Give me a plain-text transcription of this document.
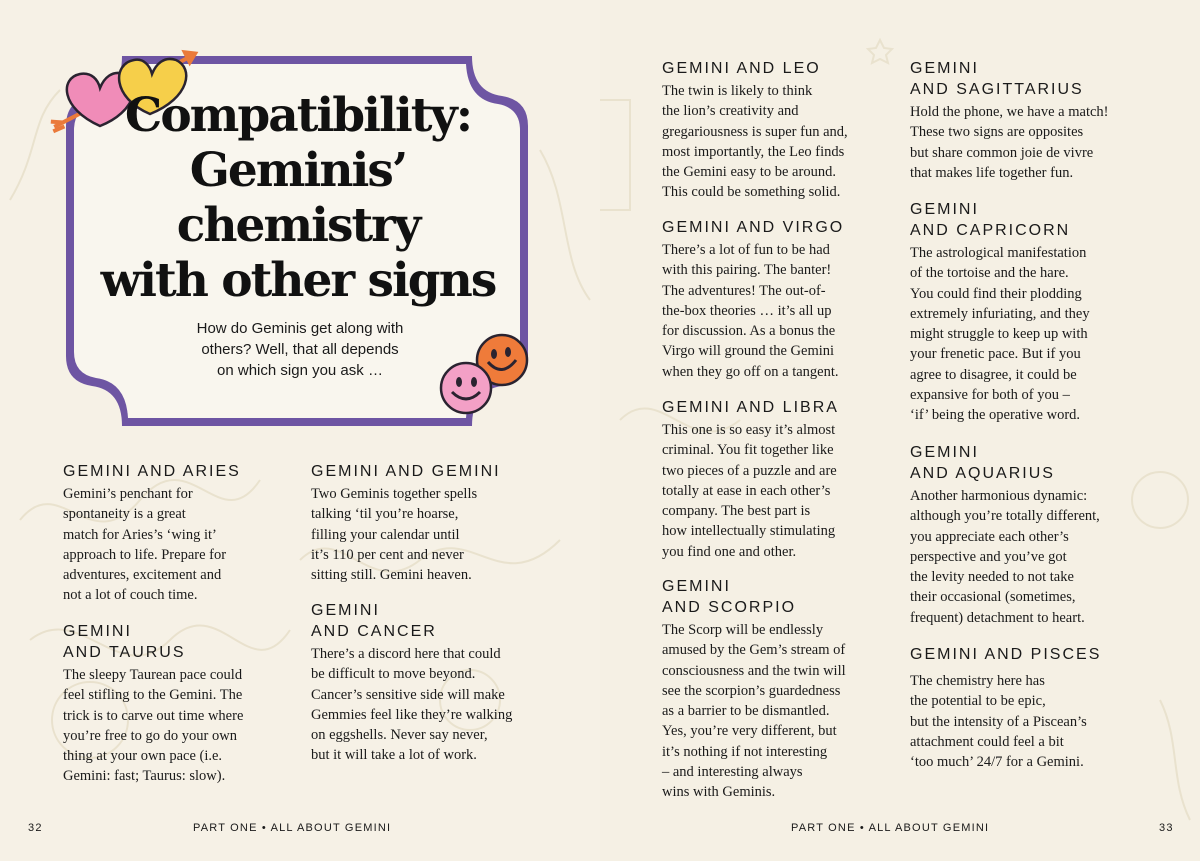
Compatibility:
Geminis’ chemistry
with other signs

How do Geminis get along with
others? Well, that all depends
on which sign you ask …

GEMINI AND ARIES

Gemini’s penchant for
spontaneity is a great
match for Aries’s ‘wing it’
approach to life. Prepare for
adventures, excitement and
not a lot of couch time.

GEMINI
AND TAURUS

The sleepy Taurean pace could
feel stifling to the Gemini. The
trick is to carve out time where
you’re free to go do your own
thing at your own pace (i.e.
Gemini: fast; Taurus: slow).

GEMINI AND GEMINI

Two Geminis together spells
talking ‘til you’re hoarse,
filling your calendar until
it’s 110 per cent and never
sitting still. Gemini heaven.

GEMINI
AND CANCER

There’s a discord here that could
be difficult to move beyond.
Cancer’s sensitive side will make
Gemmies feel like they’re walking
on eggshells. Never say never,
but it will take a lot of work.

GEMINI AND LEO

The twin is likely to think
the lion’s creativity and
gregariousness is super fun and,
most importantly, the Leo finds
the Gemini easy to be around.
This could be something solid.

GEMINI AND VIRGO

There’s a lot of fun to be had
with this pairing. The banter!
The adventures! The out-of-
the-box theories … it’s all up
for discussion. As a bonus the
Virgo will ground the Gemini
when they go off on a tangent.

GEMINI AND LIBRA

This one is so easy it’s almost
criminal. You fit together like
two pieces of a puzzle and are
totally at ease in each other’s
company. The best part is
how intellectually stimulating
you find one and other.

GEMINI
AND SCORPIO

The Scorp will be endlessly
amused by the Gem’s stream of
consciousness and the twin will
see the scorpion’s guardedness
as a barrier to be dismantled.
Yes, you’re very different, but
it’s nothing if not interesting
– and interesting always
wins with Geminis.

GEMINI
AND SAGITTARIUS

Hold the phone, we have a match!
These two signs are opposites
but share common joie de vivre
that makes life together fun.

GEMINI
AND CAPRICORN

The astrological manifestation
of the tortoise and the hare.
You could find their plodding
extremely infuriating, and they
might struggle to keep up with
your frenetic pace. But if you
agree to disagree, it could be
expansive for both of you –
‘if’ being the operative word.

GEMINI
AND AQUARIUS

Another harmonious dynamic:
although you’re totally different,
you appreciate each other’s
perspective and you’ve got
the levity needed to not take
their occasional (sometimes,
frequent) detachment to heart.

GEMINI AND PISCES

The chemistry here has
the potential to be epic,
but the intensity of a Piscean’s
attachment could feel a bit
‘too much’ 24/7 for a Gemini.

32	PART ONE • ALL ABOUT GEMINI	PART ONE • ALL ABOUT GEMINI	33
